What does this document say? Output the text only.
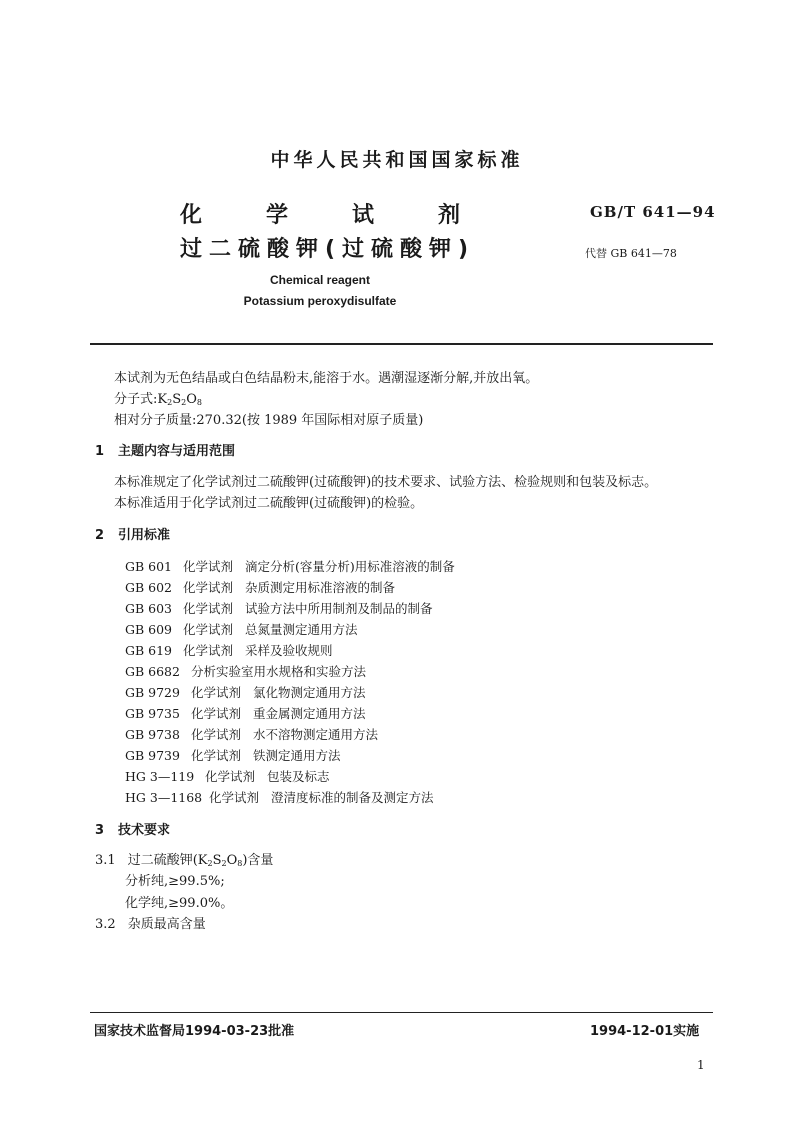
中华人民共和国国家标准
化	学	试	剂
过二硫酸钾(过硫酸钾)
GB/T 641—94
代替 GB 641—78
Chemical reagent
Potassium peroxydisulfate
本试剂为无色结晶或白色结晶粉末,能溶于水。遇潮湿逐渐分解,并放出氧。
分子式$:K_2S_2O_8$
相对分子质量:270.32(按 1989 年国际相对原子质量)
1 主题内容与适用范围
本标准规定了化学试剂过二硫酸钾(过硫酸钾)的技术要求、试验方法、检验规则和包装及标志。
本标准适用于化学试剂过二硫酸钾(过硫酸钾)的检验。
2 引用标准
GB 601 化学试剂 滴定分析(容量分析)用标准溶液的制备
GB 602 化学试剂 杂质测定用标准溶液的制备
GB 603 化学试剂 试验方法中所用制剂及制品的制备
GB 609 化学试剂 总氮量测定通用方法
GB 619 化学试剂 采样及验收规则
GB 6682 分析实验室用水规格和实验方法
GB 9729 化学试剂 氯化物测定通用方法
GB 9735 化学试剂 重金属测定通用方法
GB 9738 化学试剂 水不溶物测定通用方法
GB 9739 化学试剂 铁测定通用方法
HG 3—119 化学试剂 包装及标志
HG 3—1168 化学试剂 澄清度标准的制备及测定方法
3 技术要求
3.1 过二硫酸钾$(K_2S_2O_8)$含量
分析纯,≥99.5%;
化学纯,≥99.0%。
3.2 杂质最高含量
国家技术监督局1994-03-23批准	1994-12-01实施
1
